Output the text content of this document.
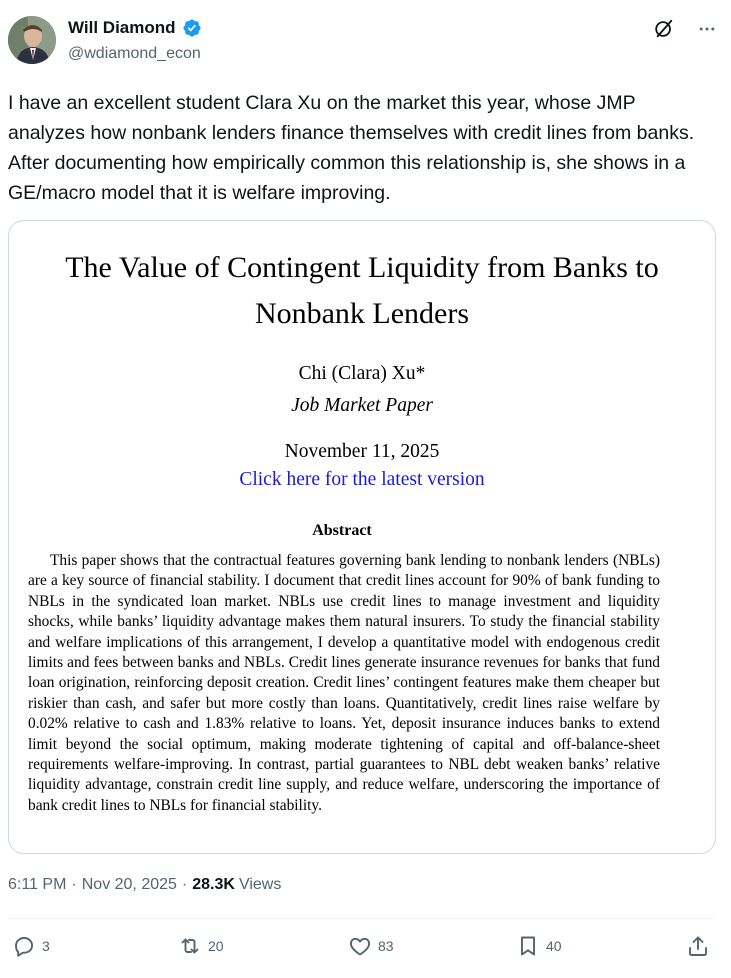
Will Diamond
@wdiamond_econ
I have an excellent student Clara Xu on the market this year, whose JMP analyzes how nonbank lenders finance themselves with credit lines from banks. After documenting how empirically common this relationship is, she shows in a GE/macro model that it is welfare improving.
The Value of Contingent Liquidity from Banks to Nonbank Lenders
Chi (Clara) Xu*
Job Market Paper
November 11, 2025
Click here for the latest version
Abstract
This paper shows that the contractual features governing bank lending to nonbank lenders (NBLs) are a key source of financial stability. I document that credit lines account for 90% of bank funding to NBLs in the syndicated loan market. NBLs use credit lines to manage investment and liquidity shocks, while banks’ liquidity advantage makes them natural insurers. To study the financial stability and welfare implications of this arrangement, I develop a quantitative model with endogenous credit limits and fees between banks and NBLs. Credit lines generate insurance revenues for banks that fund loan origination, reinforcing deposit creation. Credit lines’ contingent features make them cheaper but riskier than cash, and safer but more costly than loans. Quantitatively, credit lines raise welfare by 0.02% relative to cash and 1.83% relative to loans. Yet, deposit insurance induces banks to extend limit beyond the social optimum, making moderate tightening of capital and off-balance-sheet requirements welfare-improving. In contrast, partial guarantees to NBL debt weaken banks’ relative liquidity advantage, constrain credit line supply, and reduce welfare, underscoring the importance of bank credit lines to NBLs for financial stability.
6:11 PM · Nov 20, 2025 · 28.3K Views
3	20	83	40
